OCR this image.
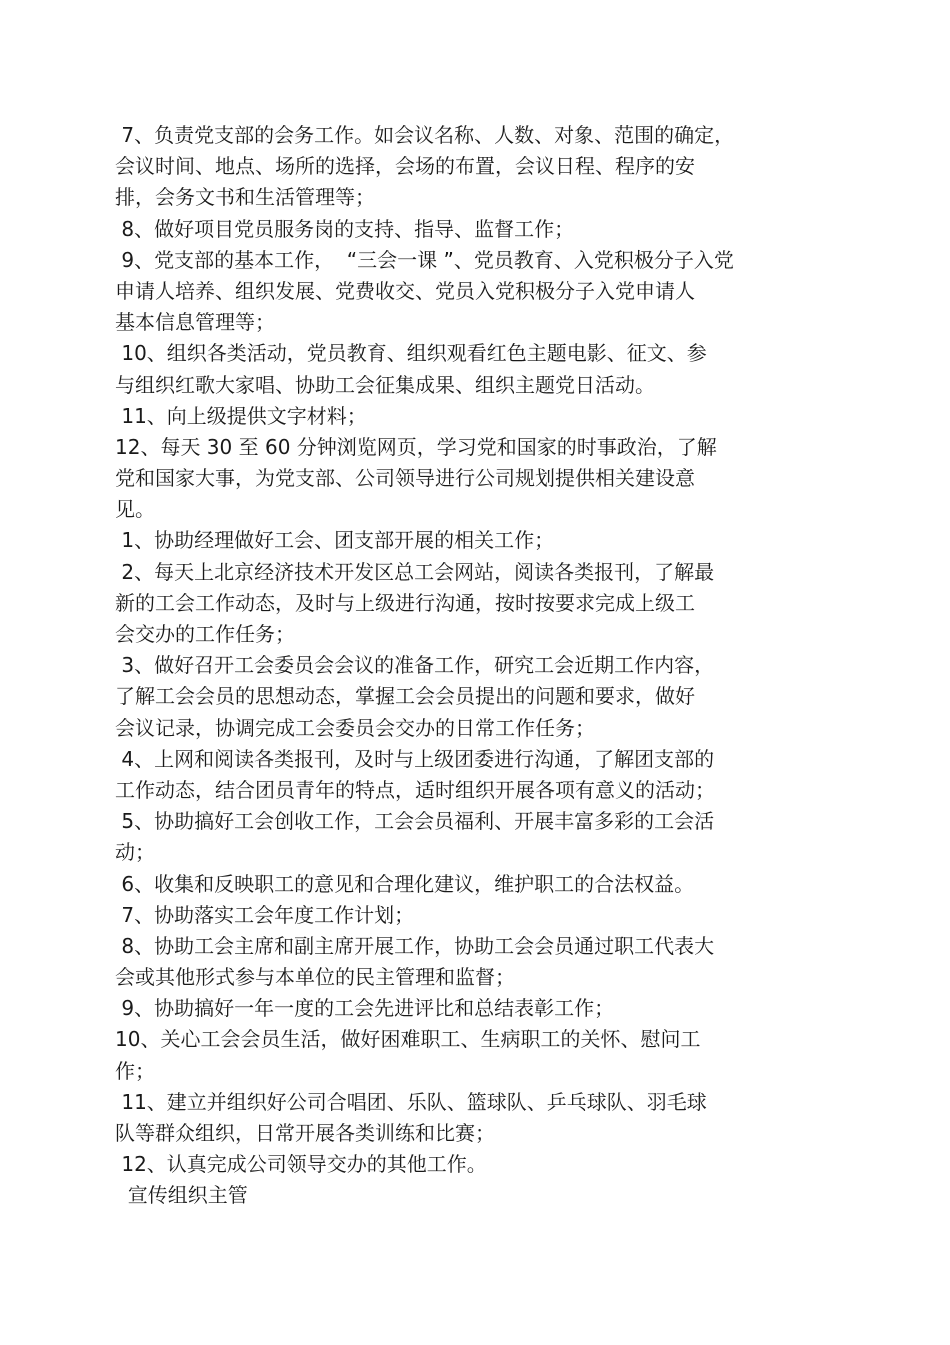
7、负责党支部的会务工作。如会议名称、人数、对象、范围的确定，
会议时间、地点、场所的选择，会场的布置，会议日程、程序的安
排，会务文书和生活管理等；
8、做好项目党员服务岗的支持、指导、监督工作；
9、党支部的基本工作，  “三会一课 ”、党员教育、入党积极分子入党
申请人培养、组织发展、党费收交、党员入党积极分子入党申请人
基本信息管理等；
10、组织各类活动，党员教育、组织观看红色主题电影、征文、参
与组织红歌大家唱、协助工会征集成果、组织主题党日活动。
11、向上级提供文字材料；
12、每天 30 至 60 分钟浏览网页，学习党和国家的时事政治，了解
党和国家大事，为党支部、公司领导进行公司规划提供相关建设意
见。
1、协助经理做好工会、团支部开展的相关工作；
2、每天上北京经济技术开发区总工会网站，阅读各类报刊，了解最
新的工会工作动态，及时与上级进行沟通，按时按要求完成上级工
会交办的工作任务；
3、做好召开工会委员会会议的准备工作，研究工会近期工作内容，
了解工会会员的思想动态，掌握工会会员提出的问题和要求，做好
会议记录，协调完成工会委员会交办的日常工作任务；
4、上网和阅读各类报刊，及时与上级团委进行沟通，了解团支部的
工作动态，结合团员青年的特点，适时组织开展各项有意义的活动；
5、协助搞好工会创收工作，工会会员福利、开展丰富多彩的工会活
动；
6、收集和反映职工的意见和合理化建议，维护职工的合法权益。
7、协助落实工会年度工作计划；
8、协助工会主席和副主席开展工作，协助工会会员通过职工代表大
会或其他形式参与本单位的民主管理和监督；
9、协助搞好一年一度的工会先进评比和总结表彰工作；
10、关心工会会员生活，做好困难职工、生病职工的关怀、慰问工
作；
11、建立并组织好公司合唱团、乐队、篮球队、乒乓球队、羽毛球
队等群众组织，日常开展各类训练和比赛；
12、认真完成公司领导交办的其他工作。
宣传组织主管
